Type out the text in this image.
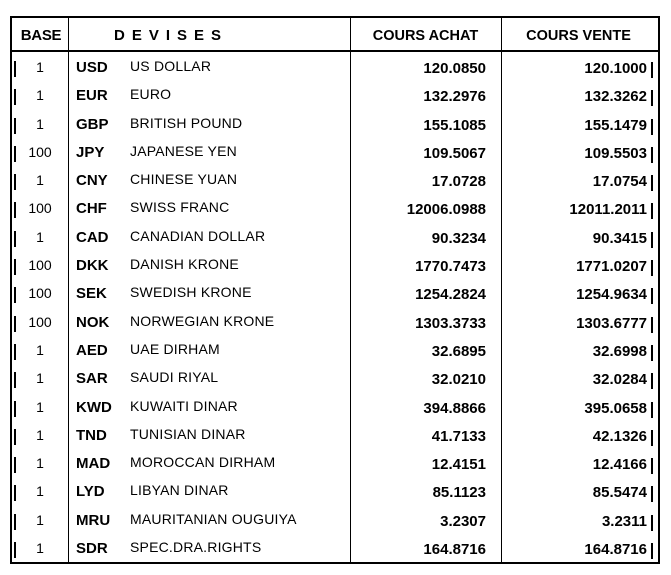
BASE	DEVISES	COURS ACHAT	COURS VENTE
1	USD	US DOLLAR	120.0850	120.1000
1	EUR	EURO	132.2976	132.3262
1	GBP	BRITISH POUND	155.1085	155.1479
100	JPY	JAPANESE YEN	109.5067	109.5503
1	CNY	CHINESE YUAN	17.0728	17.0754
100	CHF	SWISS FRANC	12006.0988	12011.2011
1	CAD	CANADIAN DOLLAR	90.3234	90.3415
100	DKK	DANISH KRONE	1770.7473	1771.0207
100	SEK	SWEDISH KRONE	1254.2824	1254.9634
100	NOK	NORWEGIAN KRONE	1303.3733	1303.6777
1	AED	UAE DIRHAM	32.6895	32.6998
1	SAR	SAUDI RIYAL	32.0210	32.0284
1	KWD	KUWAITI DINAR	394.8866	395.0658
1	TND	TUNISIAN DINAR	41.7133	42.1326
1	MAD	MOROCCAN DIRHAM	12.4151	12.4166
1	LYD	LIBYAN DINAR	85.1123	85.5474
1	MRU	MAURITANIAN OUGUIYA	3.2307	3.2311
1	SDR	SPEC.DRA.RIGHTS	164.8716	164.8716
